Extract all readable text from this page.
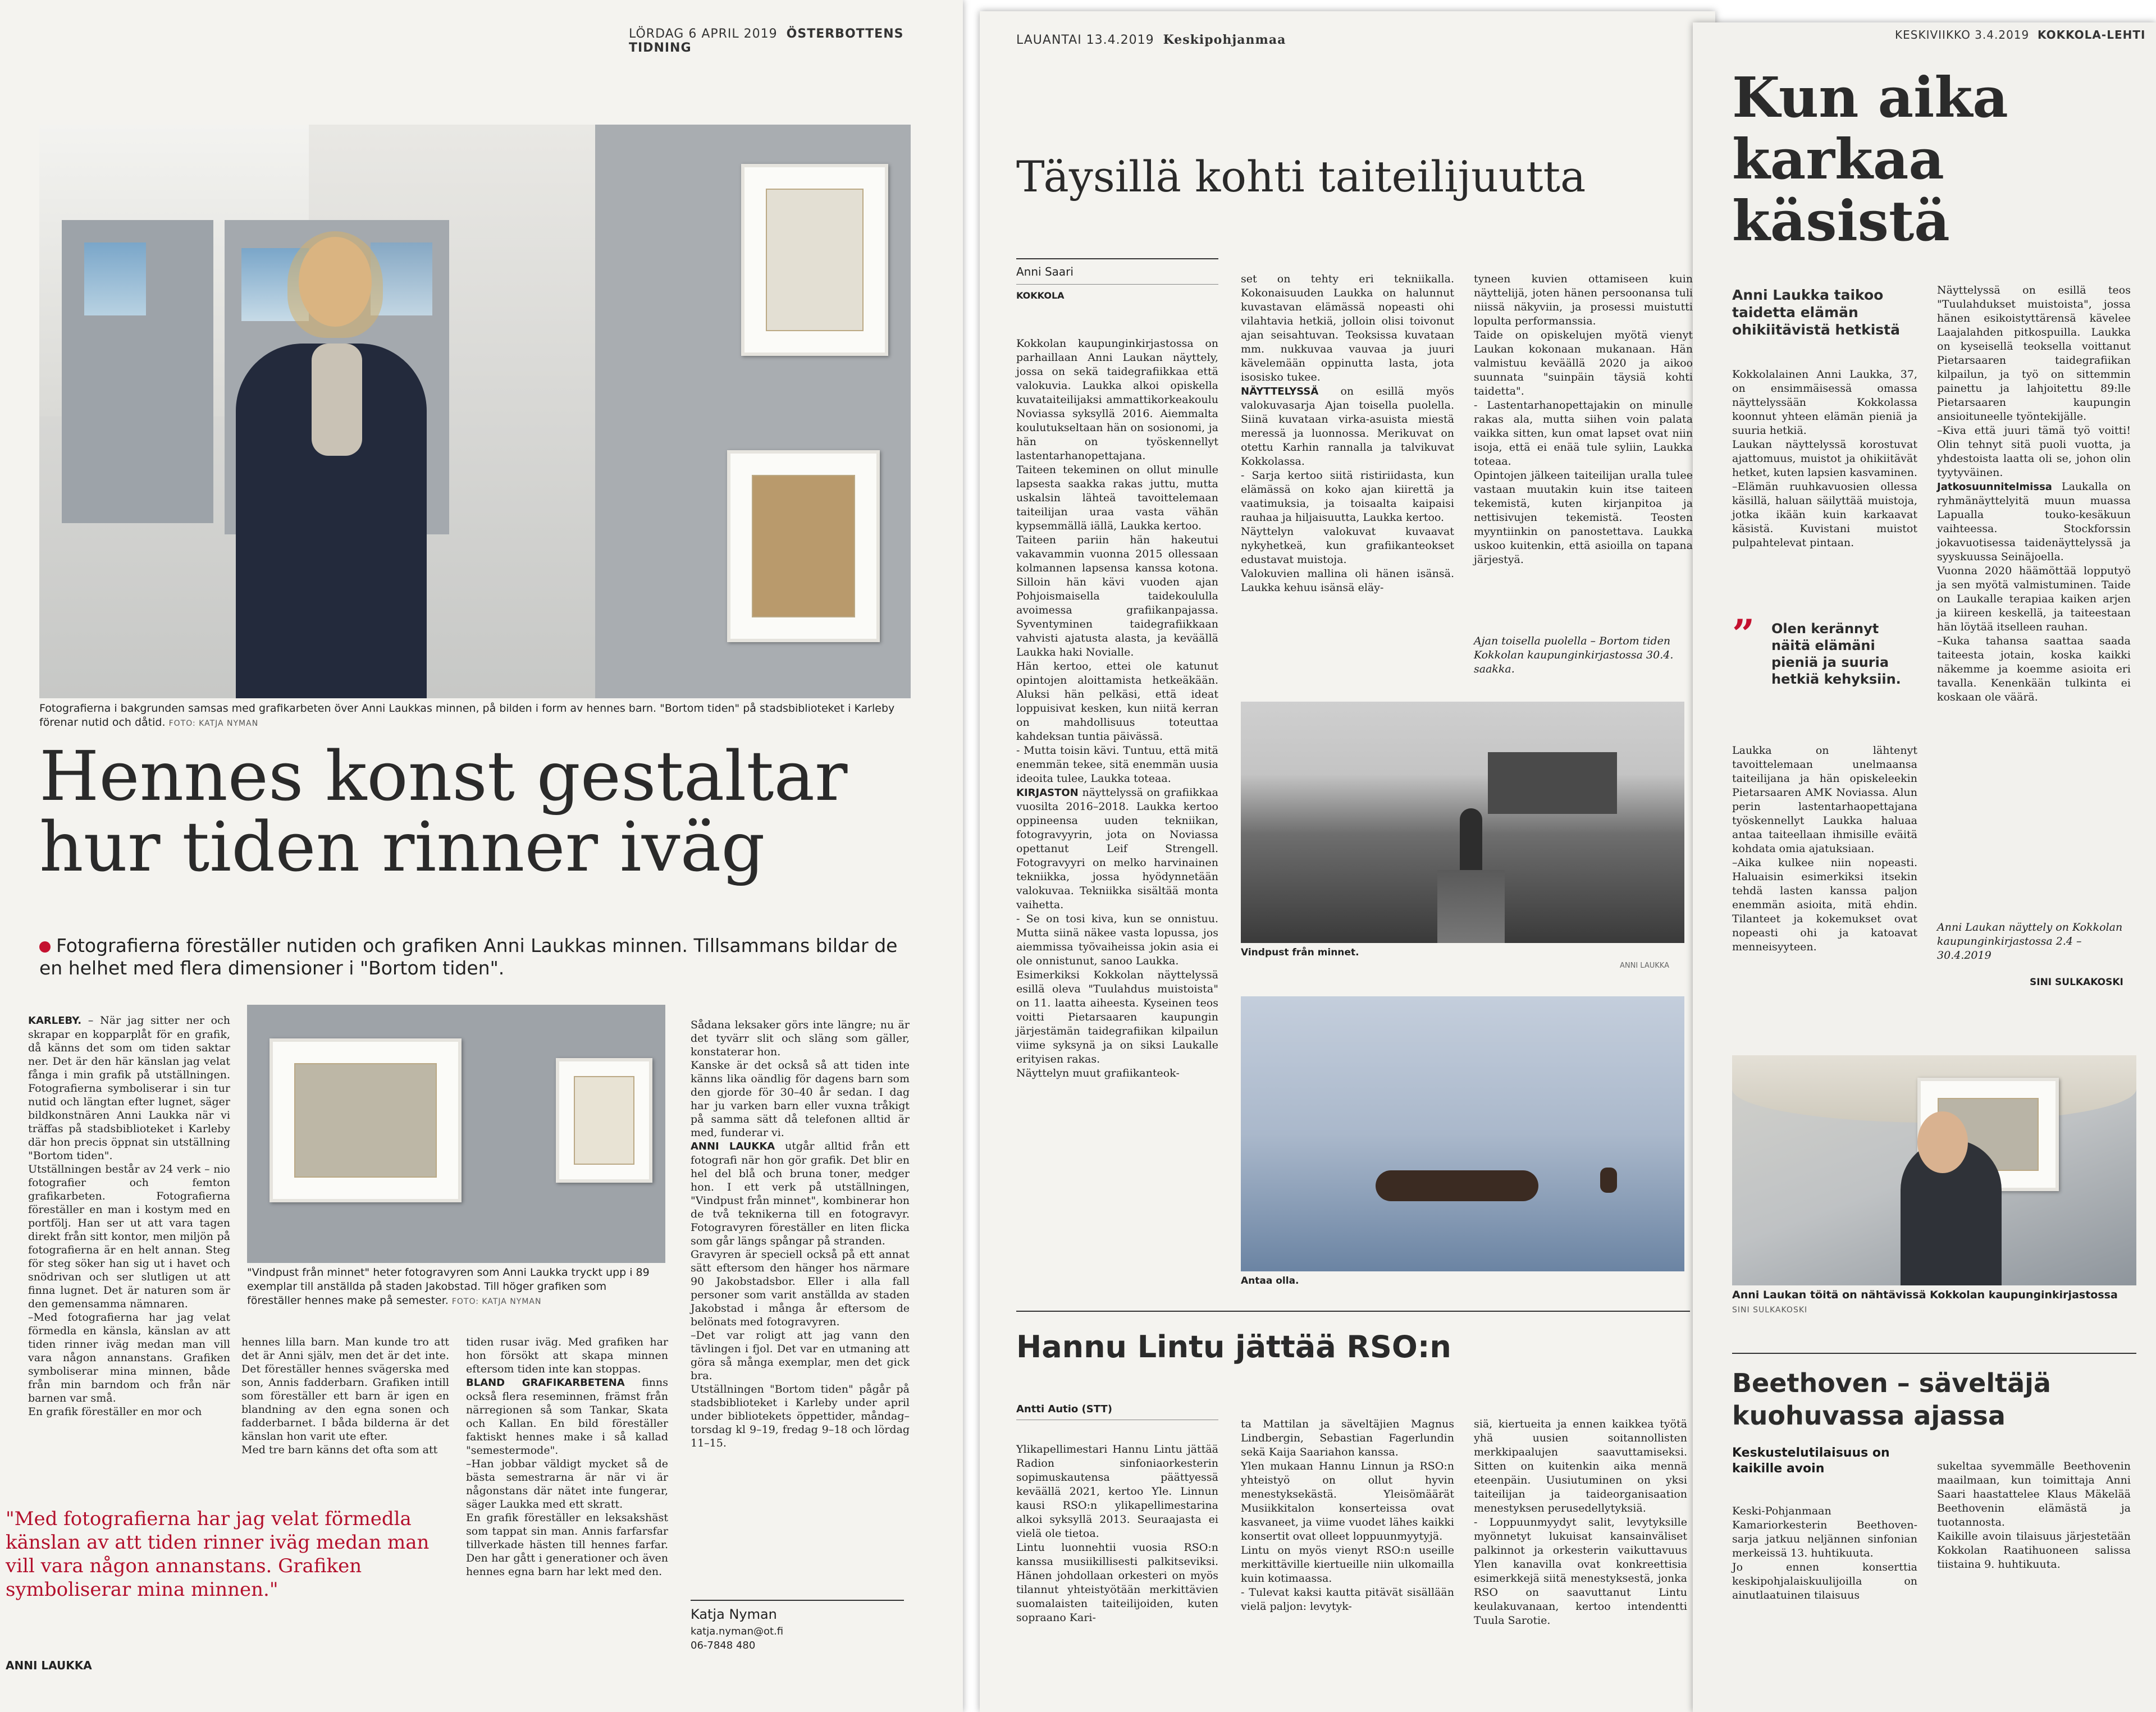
LÖRDAG 6 APRIL 2019 ÖSTERBOTTENS TIDNING
Fotografierna i bakgrunden samsas med grafikarbeten över Anni Laukkas minnen, på bilden i form av hennes barn. "Bortom tiden" på stadsbiblioteket i Karleby förenar nutid och dåtid. FOTO: KATJA NYMAN
Hennes konst gestaltar
hur tiden rinner iväg
Fotografierna föreställer nutiden och grafiken Anni Laukkas minnen. Tillsammans bildar de en helhet med flera dimensioner i "Bortom tiden".

KARLEBY. – När jag sitter ner och skrapar en kopparplåt för en grafik, då känns det som om tiden saktar ner. Det är den här känslan jag velat fånga i min grafik på utställningen. Fotografierna symboliserar i sin tur nutid och längtan efter lugnet, säger bildkonstnären Anni Laukka när vi träffas på stadsbiblioteket i Karleby där hon precis öppnat sin utställning "Bortom tiden".
Utställningen består av 24 verk – nio fotografier och femton grafikarbeten. Fotografierna föreställer en man i kostym med en portfölj. Han ser ut att vara tagen direkt från sitt kontor, men miljön på fotografierna är en helt annan. Steg för steg söker han sig ut i havet och snödrivan och ser slutligen ut att finna lugnet. Det är naturen som är den gemensamma nämnaren.
–Med fotografierna har jag velat förmedla en känsla, känslan av att tiden rinner iväg medan man vill vara någon annanstans. Grafiken symboliserar mina minnen, både från min barndom och från när barnen var små.
En grafik föreställer en mor och

"Vindpust från minnet" heter fotogravyren som Anni Laukka tryckt upp i 89 exemplar till anställda på staden Jakobstad. Till höger grafiken som föreställer hennes make på semester. FOTO: KATJA NYMAN

hennes lilla barn. Man kunde tro att det är Anni själv, men det är det inte. Det föreställer hennes svägerska med son, Annis fadderbarn. Grafiken intill som föreställer ett barn är igen en blandning av den egna sonen och fadderbarnet. I båda bilderna är det känslan hon varit ute efter.
Med tre barn känns det ofta som att

tiden rusar iväg. Med grafiken har hon försökt att skapa minnen eftersom tiden inte kan stoppas.
BLAND GRAFIKARBETENA finns också flera reseminnen, främst från närregionen så som Tankar, Skata och Kallan. En bild föreställer faktiskt hennes make i så kallad "semestermode".
–Han jobbar väldigt mycket så de bästa semestrarna är när vi är någonstans där nätet inte fungerar, säger Laukka med ett skratt.
En grafik föreställer en leksakshäst som tappat sin man. Annis farfarsfar tillverkade hästen till hennes farfar. Den har gått i generationer och även hennes egna barn har lekt med den.

Sådana leksaker görs inte längre; nu är det tyvärr slit och släng som gäller, konstaterar hon.
Kanske är det också så att tiden inte känns lika oändlig för dagens barn som den gjorde för 30–40 år sedan. I dag har ju varken barn eller vuxna tråkigt på samma sätt då telefonen alltid är med, funderar vi.
ANNI LAUKKA utgår alltid från ett fotografi när hon gör grafik. Det blir en hel del blå och bruna toner, medger hon. I ett verk på utställningen, "Vindpust från minnet", kombinerar hon de två teknikerna till en fotogravyr. Fotogravyren föreställer en liten flicka som går längs spångar på stranden.
Gravyren är speciell också på ett annat sätt eftersom den hänger hos närmare 90 Jakobstadsbor. Eller i alla fall personer som varit anställda av staden Jakobstad i många år eftersom de belönats med fotogravyren.
–Det var roligt att jag vann den tävlingen i fjol. Det var en utmaning att göra så många exemplar, men det gick bra.
Utställningen "Bortom tiden" pågår på stadsbiblioteket i Karleby under april under bibliotekets öppettider, måndag–torsdag kl 9–19, fredag 9–18 och lördag 11–15.

"Med fotografierna har jag velat förmedla känslan av att tiden rinner iväg medan man vill vara någon annanstans. Grafiken symboliserar mina minnen."
ANNI LAUKKA
Katja Nyman
katja.nyman@ot.fi
06-7848 480
LAUANTAI 13.4.2019 Keskipohjanmaa
Täysillä kohti taiteilijuutta
Anni Saari
KOKKOLA

Kokkolan kaupunginkirjastossa on parhaillaan Anni Laukan näyttely, jossa on sekä taidegrafiikkaa että valokuvia. Laukka alkoi opiskella kuvataiteilijaksi ammattikorkeakoulu Noviassa syksyllä 2016. Aiemmalta koulutukseltaan hän on sosionomi, ja hän on työskennellyt lastentarhanopettajana.
Taiteen tekeminen on ollut minulle lapsesta saakka rakas juttu, mutta uskalsin lähteä tavoittelemaan taiteilijan uraa vasta vähän kypsemmällä iällä, Laukka kertoo.
Taiteen pariin hän hakeutui vakavammin vuonna 2015 ollessaan kolmannen lapsensa kanssa kotona. Silloin hän kävi vuoden ajan Pohjoismaisella taidekoululla avoimessa grafiikanpajassa. Syventyminen taidegrafiikkaan vahvisti ajatusta alasta, ja keväällä Laukka haki Novialle.
Hän kertoo, ettei ole katunut opintojen aloittamista hetkeäkään. Aluksi hän pelkäsi, että ideat loppuisivat kesken, kun niitä kerran on mahdollisuus toteuttaa kahdeksan tuntia päivässä.
- Mutta toisin kävi. Tuntuu, että mitä enemmän tekee, sitä enemmän uusia ideoita tulee, Laukka toteaa.
KIRJASTON näyttelyssä on grafiikkaa vuosilta 2016–2018. Laukka kertoo oppineensa uuden tekniikan, fotogravyyrin, jota on Noviassa opettanut Leif Strengell. Fotogravyyri on melko harvinainen tekniikka, jossa hyödynnetään valokuvaa. Tekniikka sisältää monta vaihetta.
- Se on tosi kiva, kun se onnistuu. Mutta siinä näkee vasta lopussa, jos aiemmissa työvaiheissa jokin asia ei ole onnistunut, sanoo Laukka.
Esimerkiksi Kokkolan näyttelyssä esillä oleva "Tuulahdus muistoista" on 11. laatta aiheesta. Kyseinen teos voitti Pietarsaaren kaupungin järjestämän taidegrafiikan kilpailun viime syksynä ja on siksi Laukalle erityisen rakas.
Näyttelyn muut grafiikanteok-

set on tehty eri tekniikalla. Kokonaisuuden Laukka on halunnut kuvastavan elämässä nopeasti ohi vilahtavia hetkiä, jolloin olisi toivonut ajan seisahtuvan. Teoksissa kuvataan mm. nukkuvaa vauvaa ja juuri kävelemään oppinutta lasta, jota isosisko tukee.
NÄYTTELYSSÄ on esillä myös valokuvasarja Ajan toisella puolella. Siinä kuvataan virka-asuista miestä meressä ja luonnossa. Merikuvat on otettu Karhin rannalla ja talvikuvat Kokkolassa.
- Sarja kertoo siitä ristiriidasta, kun elämässä on koko ajan kiirettä ja vaatimuksia, ja toisaalta kaipaisi rauhaa ja hiljaisuutta, Laukka kertoo.
Näyttelyn valokuvat kuvaavat nykyhetkeä, kun grafiikanteokset edustavat muistoja.
Valokuvien mallina oli hänen isänsä. Laukka kehuu isänsä eläy-

tyneen kuvien ottamiseen kuin näyttelijä, joten hänen persoonansa tuli niissä näkyviin, ja prosessi muistutti lopulta performanssia.
Taide on opiskelujen myötä vienyt Laukan kokonaan mukanaan. Hän valmistuu keväällä 2020 ja aikoo suunnata "suinpäin täysiä kohti taidetta".
- Lastentarhanopettajakin on minulle rakas ala, mutta siihen voin palata vaikka sitten, kun omat lapset ovat niin isoja, että ei enää tule syliin, Laukka toteaa.
Opintojen jälkeen taiteilijan uralla tulee vastaan muutakin kuin itse taiteen tekemistä, kuten kirjanpitoa ja nettisivujen tekemistä. Teosten myyntiinkin on panostettava. Laukka uskoo kuitenkin, että asioilla on tapana järjestyä.

Ajan toisella puolella – Bortom tiden Kokkolan kaupunginkirjastossa 30.4. saakka.
Vindpust från minnet.
ANNI LAUKKA
Antaa olla.
Hannu Lintu jättää RSO:n
Antti Autio (STT)

Ylikapellimestari Hannu Lintu jättää Radion sinfoniaorkesterin sopimuskautensa päättyessä keväällä 2021, kertoo Yle. Linnun kausi RSO:n ylikapellimestarina alkoi syksyllä 2013. Seuraajasta ei vielä ole tietoa.
Lintu luonnehtii vuosia RSO:n kanssa musiikillisesti palkitseviksi. Hänen johdollaan orkesteri on myös tilannut yhteistyötään merkittävien suomalaisten taiteilijoiden, kuten sopraano Kari-

ta Mattilan ja säveltäjien Magnus Lindbergin, Sebastian Fagerlundin sekä Kaija Saariahon kanssa.
Ylen mukaan Hannu Linnun ja RSO:n yhteistyö on ollut hyvin menestyksekästä. Yleisömäärät Musiikkitalon konserteissa ovat kasvaneet, ja viime vuodet lähes kaikki konsertit ovat olleet loppuunmyytyjä.
Lintu on myös vienyt RSO:n useille merkittäville kiertueille niin ulkomailla kuin kotimaassa.
- Tulevat kaksi kautta pitävät sisällään vielä paljon: levytyk-

siä, kiertueita ja ennen kaikkea työtä yhä uusien soitannollisten merkkipaalujen saavuttamiseksi. Sitten on kuitenkin aika mennä eteenpäin. Uusiutuminen on yksi taiteilijan ja taideorganisaation menestyksen perusedellytyksiä.
- Loppuunmyydyt salit, levytyksille myönnetyt lukuisat kansainväliset palkinnot ja orkesterin vaikuttavuus Ylen kanavilla ovat konkreettisia esimerkkejä siitä menestyksestä, jonka RSO on saavuttanut Lintu keulakuvanaan, kertoo intendentti Tuula Sarotie.

KESKIVIIKKO 3.4.2019 KOKKOLA-LEHTI
Kun aika
karkaa
käsistä
Anni Laukka taikoo taidetta elämän ohikiitävistä hetkistä

Kokkolalainen Anni Laukka, 37, on ensimmäisessä omassa näyttelyssään Kokkolassa koonnut yhteen elämän pieniä ja suuria hetkiä.
Laukan näyttelyssä korostuvat ajattomuus, muistot ja ohikiitävät hetket, kuten lapsien kasvaminen.
–Elämän ruuhkavuosien ollessa käsillä, haluan säilyttää muistoja, jotka ikään kuin karkaavat käsistä. Kuvistani muistot pulpahtelevat pintaan.

” Olen kerännyt näitä elämäni pieniä ja suuria hetkiä kehyksiin.

Laukka on lähtenyt tavoittelemaan unelmaansa taiteilijana ja hän opiskeleekin Pietarsaaren AMK Noviassa. Alun perin lastentarhaopettajana työskennellyt Laukka haluaa antaa taiteellaan ihmisille eväitä kohdata omia ajatuksiaan.
–Aika kulkee niin nopeasti. Haluaisin esimerkiksi itsekin tehdä lasten kanssa paljon enemmän asioita, mitä ehdin. Tilanteet ja kokemukset ovat nopeasti ohi ja katoavat menneisyyteen.

Näyttelyssä on esillä teos "Tuulahdukset muistoista", jossa hänen esikoistyttärensä kävelee Laajalahden pitkospuilla. Laukka on kyseisellä teoksella voittanut Pietarsaaren taidegrafiikan kilpailun, ja työ on sittemmin painettu ja lahjoitettu 89:lle Pietarsaaren kaupungin ansioituneelle työntekijälle.
–Kiva että juuri tämä työ voitti! Olin tehnyt sitä puoli vuotta, ja yhdestoista laatta oli se, johon olin tyytyväinen.
Jatkosuunnitelmissa Laukalla on ryhmänäyttelyitä muun muassa Lapualla touko-kesäkuun vaihteessa. Stockforssin jokavuotisessa taidenäyttelyssä ja syyskuussa Seinäjoella.
Vuonna 2020 häämöttää lopputyö ja sen myötä valmistuminen. Taide on Laukalle terapiaa kaiken arjen ja kiireen keskellä, ja taiteestaan hän löytää itselleen rauhan.
–Kuka tahansa saattaa saada taiteesta jotain, koska kaikki näkemme ja koemme asioita eri tavalla. Kenenkään tulkinta ei koskaan ole väärä.

Anni Laukan näyttely on Kokkolan kaupunginkirjastossa 2.4 – 30.4.2019
SINI SULKAKOSKI
Anni Laukan töitä on nähtävissä Kokkolan kaupunginkirjastossa SINI SULKAKOSKI
Beethoven – säveltäjä kuohuvassa ajassa
Keskustelutilaisuus on kaikille avoin

Keski-Pohjanmaan Kamariorkesterin Beethoven- sarja jatkuu neljännen sinfonian merkeissä 13. huhtikuuta.
Jo ennen konserttia keskipohjalaiskuulijoilla on ainutlaatuinen tilaisuus

sukeltaa syvemmälle Beethovenin maailmaan, kun toimittaja Anni Saari haastattelee Klaus Mäkelää Beethovenin elämästä ja tuotannosta.
Kaikille avoin tilaisuus järjestetään Kokkolan Raatihuoneen salissa tiistaina 9. huhtikuuta.
